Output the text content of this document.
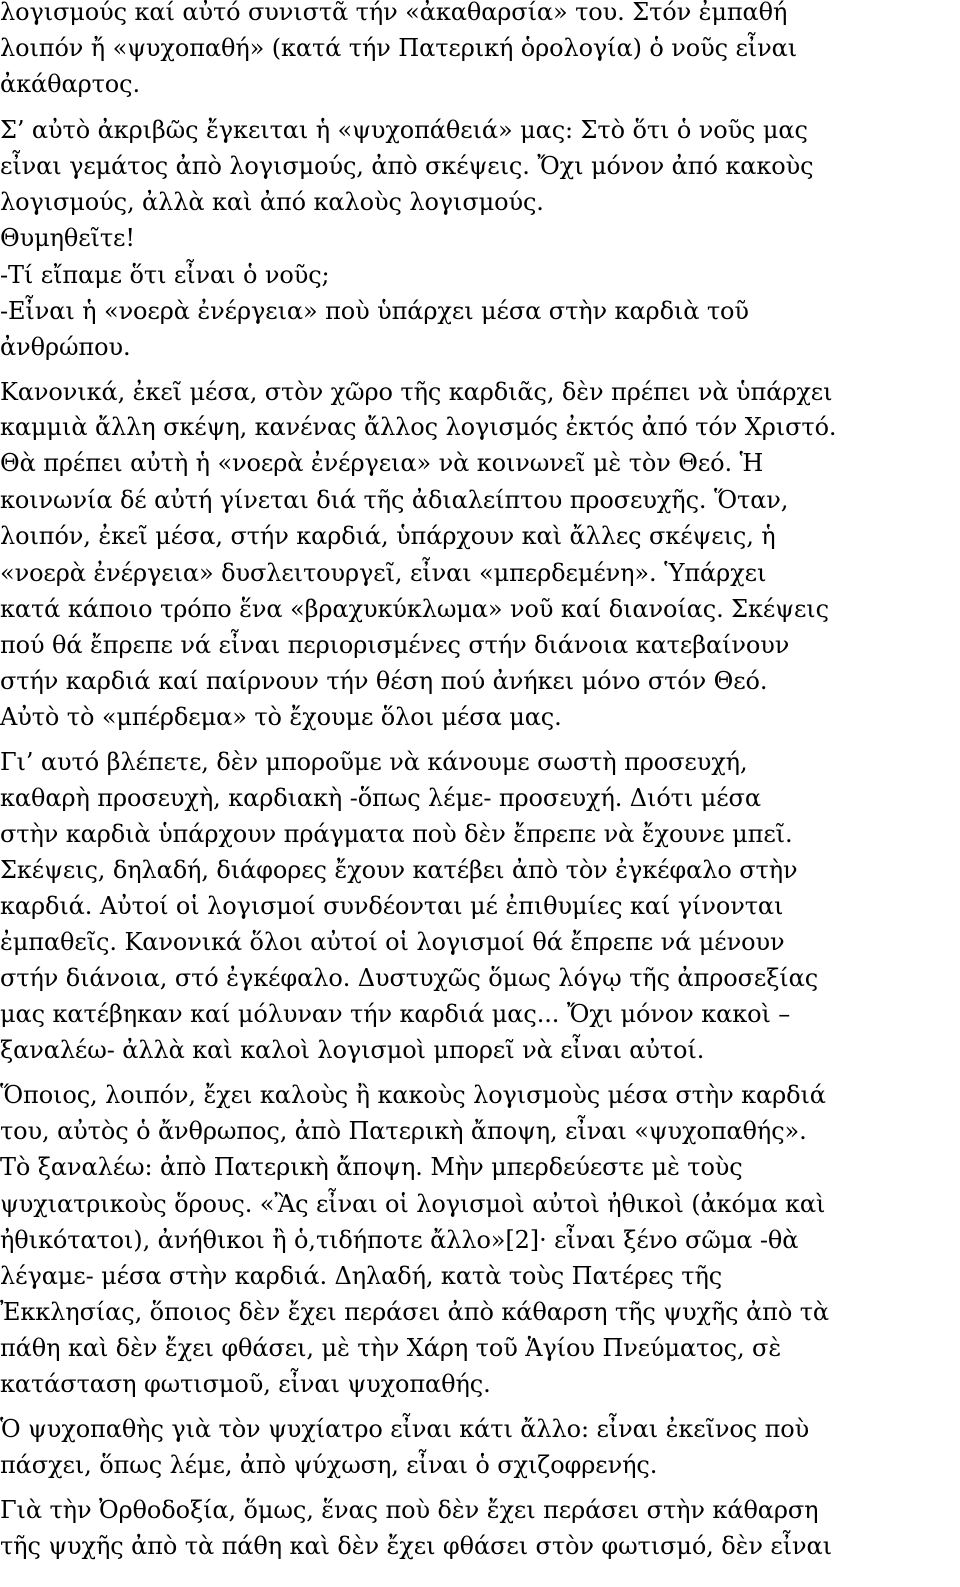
λογισμούς καί αὐτό συνιστᾶ τήν «ἀκαθαρσία» του. Στόν ἐμπαθή
λοιπόν ἤ «ψυχοπαθή» (κατά τήν Πατερική ὁρολογία) ὁ νοῦς εἶναι
ἀκάθαρτος.
Σ’ αὐτὸ ἀκριβῶς ἔγκειται ἡ «ψυχοπάθειά» μας: Στὸ ὅτι ὁ νοῦς μας
εἶναι γεμάτος ἀπὸ λογισμούς, ἀπὸ σκέψεις. Ὄχι μόνον ἀπό κακοὺς
λογισμούς, ἀλλὰ καὶ ἀπό καλοὺς λογισμούς.
Θυμηθεῖτε!
-Τί εἴπαμε ὅτι εἶναι ὁ νοῦς;
-Εἶναι ἡ «νοερὰ ἐνέργεια» ποὺ ὑπάρχει μέσα στὴν καρδιὰ τοῦ
ἀνθρώπου.
Κανονικά, ἐκεῖ μέσα, στὸν χῶρο τῆς καρδιᾶς, δὲν πρέπει νὰ ὑπάρχει
καμμιὰ ἄλλη σκέψη, κανένας ἄλλος λογισμός ἐκτός ἀπό τόν Χριστό.
Θὰ πρέπει αὐτὴ ἡ «νοερὰ ἐνέργεια» νὰ κοινωνεῖ μὲ τὸν Θεό. Ἡ
κοινωνία δέ αὐτή γίνεται διά τῆς ἀδιαλείπτου προσευχῆς. Ὅταν,
λοιπόν, ἐκεῖ μέσα, στήν καρδιά, ὑπάρχουν καὶ ἄλλες σκέψεις, ἡ
«νοερὰ ἐνέργεια» δυσλειτουργεῖ, εἶναι «μπερδεμένη». Ὑπάρχει
κατά κάποιο τρόπο ἕνα «βραχυκύκλωμα» νοῦ καί διανοίας. Σκέψεις
πού θά ἔπρεπε νά εἶναι περιορισμένες στήν διάνοια κατεβαίνουν
στήν καρδιά καί παίρνουν τήν θέση πού ἀνήκει μόνο στόν Θεό.
Αὐτὸ τὸ «μπέρδεμα» τὸ ἔχουμε ὅλοι μέσα μας.
Γι’ αυτό βλέπετε, δὲν μποροῦμε νὰ κάνουμε σωστὴ προσευχή,
καθαρὴ προσευχὴ, καρδιακὴ -ὅπως λέμε- προσευχή. Διότι μέσα
στὴν καρδιὰ ὑπάρχουν πράγματα ποὺ δὲν ἔπρεπε νὰ ἔχουνε μπεῖ.
Σκέψεις, δηλαδή, διάφορες ἔχουν κατέβει ἀπὸ τὸν ἐγκέφαλο στὴν
καρδιά. Αὐτοί οἱ λογισμοί συνδέονται μέ ἐπιθυμίες καί γίνονται
ἐμπαθεῖς. Κανονικά ὅλοι αὐτοί οἱ λογισμοί θά ἔπρεπε νά μένουν
στήν διάνοια, στό ἐγκέφαλο. Δυστυχῶς ὅμως λόγῳ τῆς ἀπροσεξίας
μας κατέβηκαν καί μόλυναν τήν καρδιά μας... Ὄχι μόνον κακοὶ –
ξαναλέω- ἀλλὰ καὶ καλοὶ λογισμοὶ μπορεῖ νὰ εἶναι αὐτοί.
Ὅποιος, λοιπόν, ἔχει καλοὺς ἢ κακοὺς λογισμοὺς μέσα στὴν καρδιά
του, αὐτὸς ὁ ἄνθρωπος, ἀπὸ Πατερικὴ ἄποψη, εἶναι «ψυχοπαθής».
Τὸ ξαναλέω: ἀπὸ Πατερικὴ ἄποψη. Μὴν μπερδεύεστε μὲ τοὺς
ψυχιατρικοὺς ὅρους. «Ἂς εἶναι οἱ λογισμοὶ αὐτοὶ ἠθικοὶ (ἀκόμα καὶ
ἠθικότατοι), ἀνήθικοι ἢ ὁ,τιδήποτε ἄλλο»[2]· εἶναι ξένο σῶμα -θὰ
λέγαμε- μέσα στὴν καρδιά. Δηλαδή, κατὰ τοὺς Πατέρες τῆς
Ἐκκλησίας, ὅποιος δὲν ἔχει περάσει ἀπὸ κάθαρση τῆς ψυχῆς ἀπὸ τὰ
πάθη καὶ δὲν ἔχει φθάσει, μὲ τὴν Χάρη τοῦ Ἁγίου Πνεύματος, σὲ
κατάσταση φωτισμοῦ, εἶναι ψυχοπαθής.
Ὁ ψυχοπαθὴς γιὰ τὸν ψυχίατρο εἶναι κάτι ἄλλο: εἶναι ἐκεῖνος ποὺ
πάσχει, ὅπως λέμε, ἀπὸ ψύχωση, εἶναι ὁ σχιζοφρενής.
Γιὰ τὴν Ὀρθοδοξία, ὅμως, ἕνας ποὺ δὲν ἔχει περάσει στὴν κάθαρση
τῆς ψυχῆς ἀπὸ τὰ πάθη καὶ δὲν ἔχει φθάσει στὸν φωτισμό, δὲν εἶναι
